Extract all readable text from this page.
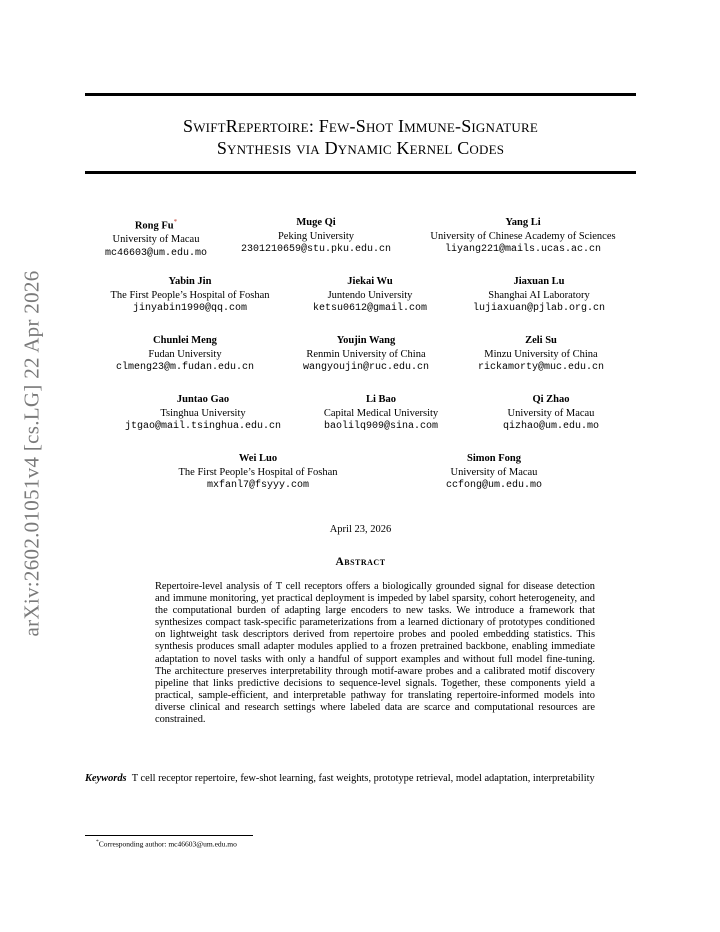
arXiv:2602.01051v4 [cs.LG] 22 Apr 2026
SwiftRepertoire: Few-Shot Immune-Signature
Synthesis via Dynamic Kernel Codes
Rong Fu*
University of Macau
mc46603@um.edu.mo
Muge Qi
Peking University
2301210659@stu.pku.edu.cn
Yang Li
University of Chinese Academy of Sciences
liyang221@mails.ucas.ac.cn
Yabin Jin
The First People’s Hospital of Foshan
jinyabin1990@qq.com
Jiekai Wu
Juntendo University
ketsu0612@gmail.com
Jiaxuan Lu
Shanghai AI Laboratory
lujiaxuan@pjlab.org.cn
Chunlei Meng
Fudan University
clmeng23@m.fudan.edu.cn
Youjin Wang
Renmin University of China
wangyoujin@ruc.edu.cn
Zeli Su
Minzu University of China
rickamorty@muc.edu.cn
Juntao Gao
Tsinghua University
jtgao@mail.tsinghua.edu.cn
Li Bao
Capital Medical University
baolilq909@sina.com
Qi Zhao
University of Macau
qizhao@um.edu.mo
Wei Luo
The First People’s Hospital of Foshan
mxfanl7@fsyyy.com
Simon Fong
University of Macau
ccfong@um.edu.mo
April 23, 2026
Abstract
Repertoire-level analysis of T cell receptors offers a biologically grounded signal for disease detection and immune monitoring, yet practical deployment is impeded by label sparsity, cohort heterogeneity, and the computational burden of adapting large encoders to new tasks. We introduce a framework that synthesizes compact task-specific parameterizations from a learned dictionary of prototypes conditioned on lightweight task descriptors derived from repertoire probes and pooled embedding statistics. This synthesis produces small adapter modules applied to a frozen pretrained backbone, enabling immediate adaptation to novel tasks with only a handful of support examples and without full model fine-tuning. The architecture preserves interpretability through motif-aware probes and a calibrated motif discovery pipeline that links predictive decisions to sequence-level signals. Together, these components yield a practical, sample-efficient, and interpretable pathway for translating repertoire-informed models into diverse clinical and research settings where labeled data are scarce and computational resources are constrained.
Keywords T cell receptor repertoire, few-shot learning, fast weights, prototype retrieval, model adaptation, interpretability
*Corresponding author: mc46603@um.edu.mo
